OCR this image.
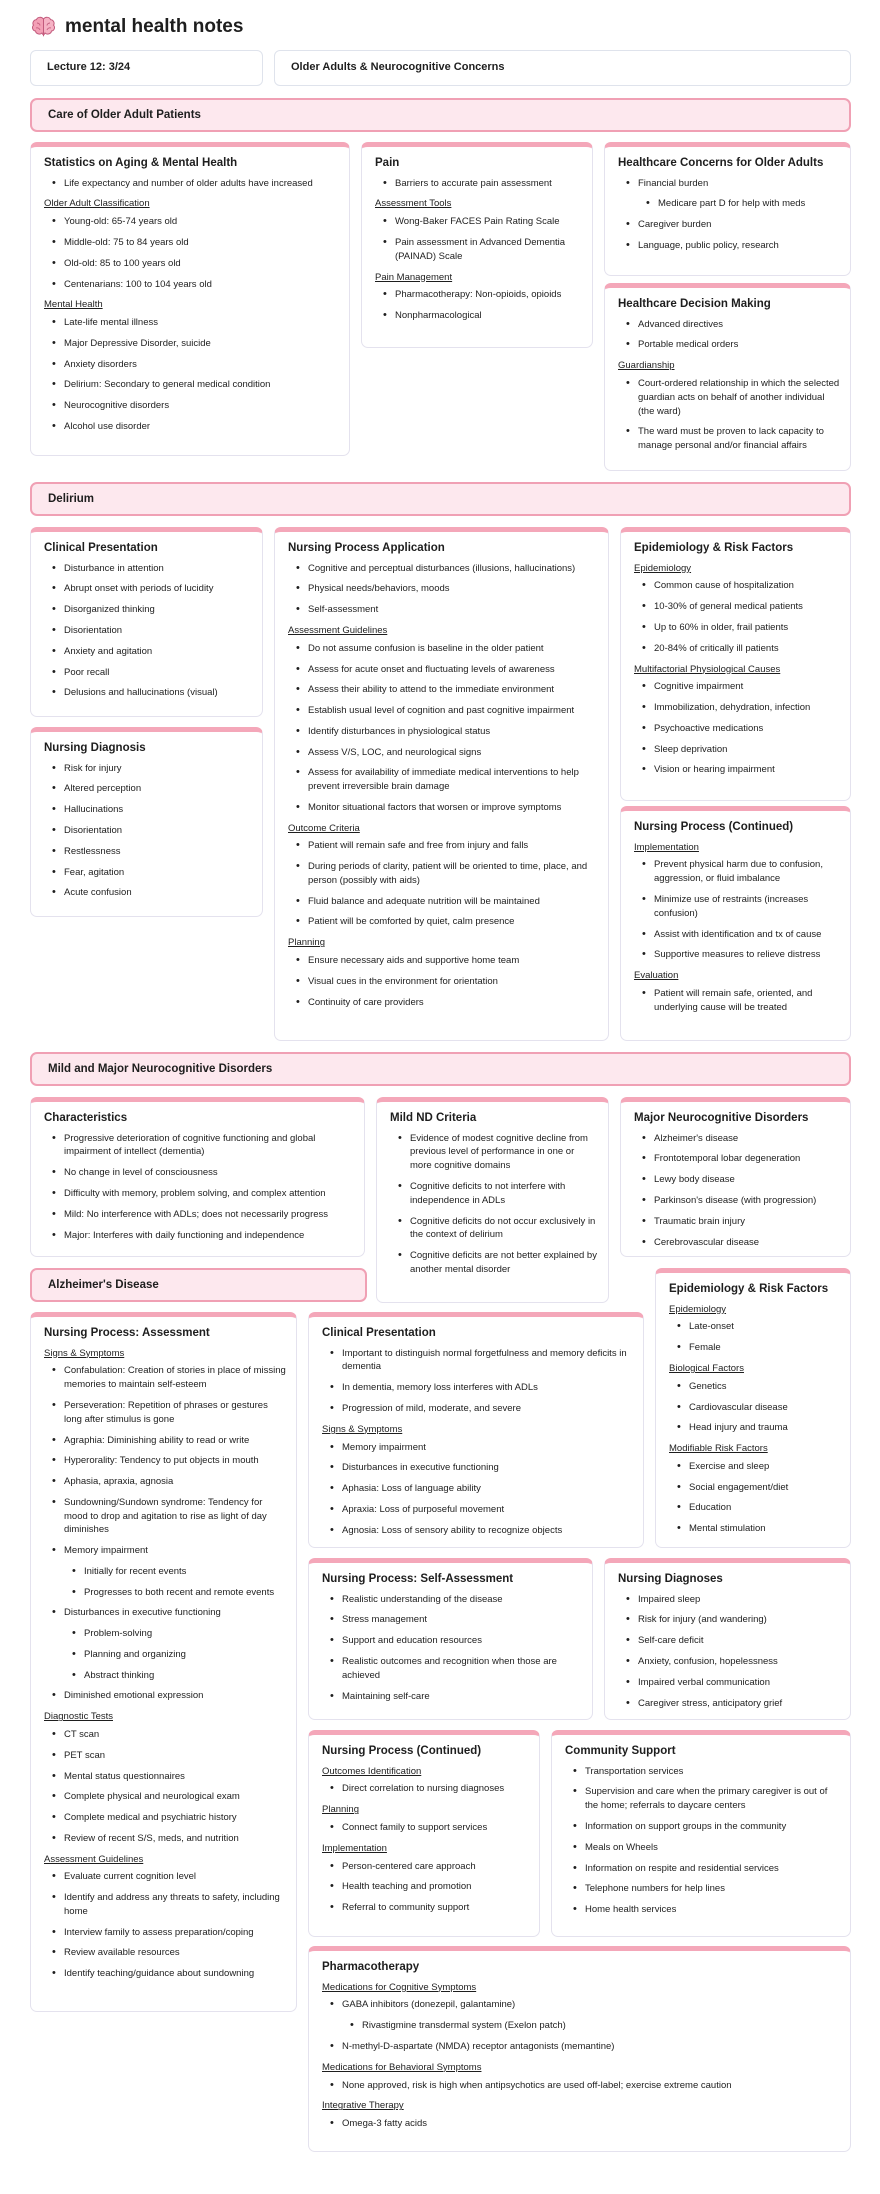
mental health notes
Lecture 12: 3/24	Older Adults & Neurocognitive Concerns
Care of Older Adult Patients
Delirium
Mild and Major Neurocognitive Disorders
Alzheimer's Disease
Statistics on Aging & Mental Health
• Life expectancy and number of older adults have increased
Older Adult Classification
• Young-old: 65-74 years old
• Middle-old: 75 to 84 years old
• Old-old: 85 to 100 years old
• Centenarians: 100 to 104 years old
Mental Health
• Late-life mental illness
• Major Depressive Disorder, suicide
• Anxiety disorders
• Delirium: Secondary to general medical condition
• Neurocognitive disorders
• Alcohol use disorder
Pain
• Barriers to accurate pain assessment
Assessment Tools
• Wong-Baker FACES Pain Rating Scale
• Pain assessment in Advanced Dementia (PAINAD) Scale
Pain Management
• Pharmacotherapy: Non-opioids, opioids
• Nonpharmacological
Healthcare Concerns for Older Adults
• Financial burden
• Medicare part D for help with meds
• Caregiver burden
• Language, public policy, research
Healthcare Decision Making
• Advanced directives
• Portable medical orders
Guardianship
• Court-ordered relationship in which the selected guardian acts on behalf of another individual (the ward)
• The ward must be proven to lack capacity to manage personal and/or financial affairs
Clinical Presentation
• Disturbance in attention
• Abrupt onset with periods of lucidity
• Disorganized thinking
• Disorientation
• Anxiety and agitation
• Poor recall
• Delusions and hallucinations (visual)
Nursing Diagnosis
• Risk for injury
• Altered perception
• Hallucinations
• Disorientation
• Restlessness
• Fear, agitation
• Acute confusion
Nursing Process Application
• Cognitive and perceptual disturbances (illusions, hallucinations)
• Physical needs/behaviors, moods
• Self-assessment
Assessment Guidelines
• Do not assume confusion is baseline in the older patient
• Assess for acute onset and fluctuating levels of awareness
• Assess their ability to attend to the immediate environment
• Establish usual level of cognition and past cognitive impairment
• Identify disturbances in physiological status
• Assess V/S, LOC, and neurological signs
• Assess for availability of immediate medical interventions to help prevent irreversible brain damage
• Monitor situational factors that worsen or improve symptoms
Outcome Criteria
• Patient will remain safe and free from injury and falls
• During periods of clarity, patient will be oriented to time, place, and person (possibly with aids)
• Fluid balance and adequate nutrition will be maintained
• Patient will be comforted by quiet, calm presence
Planning
• Ensure necessary aids and supportive home team
• Visual cues in the environment for orientation
• Continuity of care providers
Epidemiology & Risk Factors
Epidemiology
• Common cause of hospitalization
• 10-30% of general medical patients
• Up to 60% in older, frail patients
• 20-84% of critically ill patients
Multifactorial Physiological Causes
• Cognitive impairment
• Immobilization, dehydration, infection
• Psychoactive medications
• Sleep deprivation
• Vision or hearing impairment
Nursing Process (Continued)
Implementation
• Prevent physical harm due to confusion, aggression, or fluid imbalance
• Minimize use of restraints (increases confusion)
• Assist with identification and tx of cause
• Supportive measures to relieve distress
Evaluation
• Patient will remain safe, oriented, and underlying cause will be treated
Characteristics
• Progressive deterioration of cognitive functioning and global impairment of intellect (dementia)
• No change in level of consciousness
• Difficulty with memory, problem solving, and complex attention
• Mild: No interference with ADLs; does not necessarily progress
• Major: Interferes with daily functioning and independence
Mild ND Criteria
• Evidence of modest cognitive decline from previous level of performance in one or more cognitive domains
• Cognitive deficits to not interfere with independence in ADLs
• Cognitive deficits do not occur exclusively in the context of delirium
• Cognitive deficits are not better explained by another mental disorder
Major Neurocognitive Disorders
• Alzheimer's disease
• Frontotemporal lobar degeneration
• Lewy body disease
• Parkinson's disease (with progression)
• Traumatic brain injury
• Cerebrovascular disease
Nursing Process: Assessment
Signs & Symptoms
• Confabulation: Creation of stories in place of missing memories to maintain self-esteem
• Perseveration: Repetition of phrases or gestures long after stimulus is gone
• Agraphia: Diminishing ability to read or write
• Hyperorality: Tendency to put objects in mouth
• Aphasia, apraxia, agnosia
• Sundowning/Sundown syndrome: Tendency for mood to drop and agitation to rise as light of day diminishes
• Memory impairment
• Initially for recent events
• Progresses to both recent and remote events
• Disturbances in executive functioning
• Problem-solving
• Planning and organizing
• Abstract thinking
• Diminished emotional expression
Diagnostic Tests
• CT scan
• PET scan
• Mental status questionnaires
• Complete physical and neurological exam
• Complete medical and psychiatric history
• Review of recent S/S, meds, and nutrition
Assessment Guidelines
• Evaluate current cognition level
• Identify and address any threats to safety, including home
• Interview family to assess preparation/coping
• Review available resources
• Identify teaching/guidance about sundowning
Clinical Presentation
• Important to distinguish normal forgetfulness and memory deficits in dementia
• In dementia, memory loss interferes with ADLs
• Progression of mild, moderate, and severe
Signs & Symptoms
• Memory impairment
• Disturbances in executive functioning
• Aphasia: Loss of language ability
• Apraxia: Loss of purposeful movement
• Agnosia: Loss of sensory ability to recognize objects
Epidemiology & Risk Factors
Epidemiology
• Late-onset
• Female
Biological Factors
• Genetics
• Cardiovascular disease
• Head injury and trauma
Modifiable Risk Factors
• Exercise and sleep
• Social engagement/diet
• Education
• Mental stimulation
Nursing Process: Self-Assessment
• Realistic understanding of the disease
• Stress management
• Support and education resources
• Realistic outcomes and recognition when those are achieved
• Maintaining self-care
Nursing Diagnoses
• Impaired sleep
• Risk for injury (and wandering)
• Self-care deficit
• Anxiety, confusion, hopelessness
• Impaired verbal communication
• Caregiver stress, anticipatory grief
Nursing Process (Continued)
Outcomes Identification
• Direct correlation to nursing diagnoses
Planning
• Connect family to support services
Implementation
• Person-centered care approach
• Health teaching and promotion
• Referral to community support
Community Support
• Transportation services
• Supervision and care when the primary caregiver is out of the home; referrals to daycare centers
• Information on support groups in the community
• Meals on Wheels
• Information on respite and residential services
• Telephone numbers for help lines
• Home health services
Pharmacotherapy
Medications for Cognitive Symptoms
• GABA inhibitors (donezepil, galantamine)
• Rivastigmine transdermal system (Exelon patch)
• N-methyl-D-aspartate (NMDA) receptor antagonists (memantine)
Medications for Behavioral Symptoms
• None approved, risk is high when antipsychotics are used off-label; exercise extreme caution
Integrative Therapy
• Omega-3 fatty acids
